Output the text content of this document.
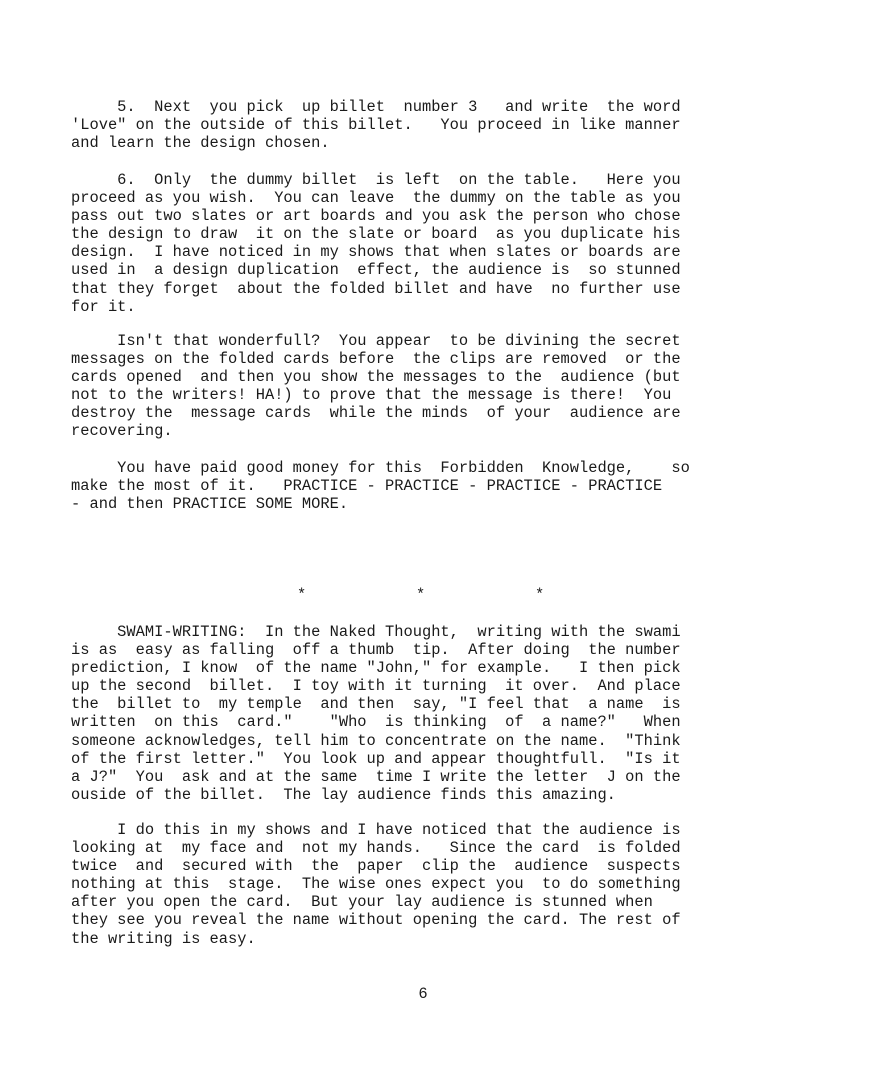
5.  Next  you pick  up billet  number 3   and write  the word
'Love" on the outside of this billet.   You proceed in like manner
and learn the design chosen.

6.  Only  the dummy billet  is left  on the table.   Here you
proceed as you wish.  You can leave  the dummy on the table as you
pass out two slates or art boards and you ask the person who chose
the design to draw  it on the slate or board  as you duplicate his
design.  I have noticed in my shows that when slates or boards are
used in  a design duplication  effect, the audience is  so stunned
that they forget  about the folded billet and have  no further use
for it.

Isn't that wonderfull?  You appear  to be divining the secret
messages on the folded cards before  the clips are removed  or the
cards opened  and then you show the messages to the  audience (but
not to the writers! HA!) to prove that the message is there!  You
destroy the  message cards  while the minds  of your  audience are
recovering.

You have paid good money for this  Forbidden  Knowledge,    so
make the most of it.   PRACTICE - PRACTICE - PRACTICE - PRACTICE
- and then PRACTICE SOME MORE.

*	*	*

SWAMI-WRITING:  In the Naked Thought,  writing with the swami
is as  easy as falling  off a thumb  tip.  After doing  the number
prediction, I know  of the name "John," for example.   I then pick
up the second  billet.  I toy with it turning  it over.  And place
the  billet to  my temple  and then  say, "I feel that  a name  is
written  on this  card."    "Who  is thinking  of  a name?"   When
someone acknowledges, tell him to concentrate on the name.  "Think
of the first letter."  You look up and appear thoughtfull.  "Is it
a J?"  You  ask and at the same  time I write the letter  J on the
ouside of the billet.  The lay audience finds this amazing.

I do this in my shows and I have noticed that the audience is
looking at  my face and  not my hands.   Since the card  is folded
twice  and  secured with  the  paper  clip the  audience  suspects
nothing at this  stage.  The wise ones expect you  to do something
after you open the card.  But your lay audience is stunned when
they see you reveal the name without opening the card. The rest of
the writing is easy.

6
